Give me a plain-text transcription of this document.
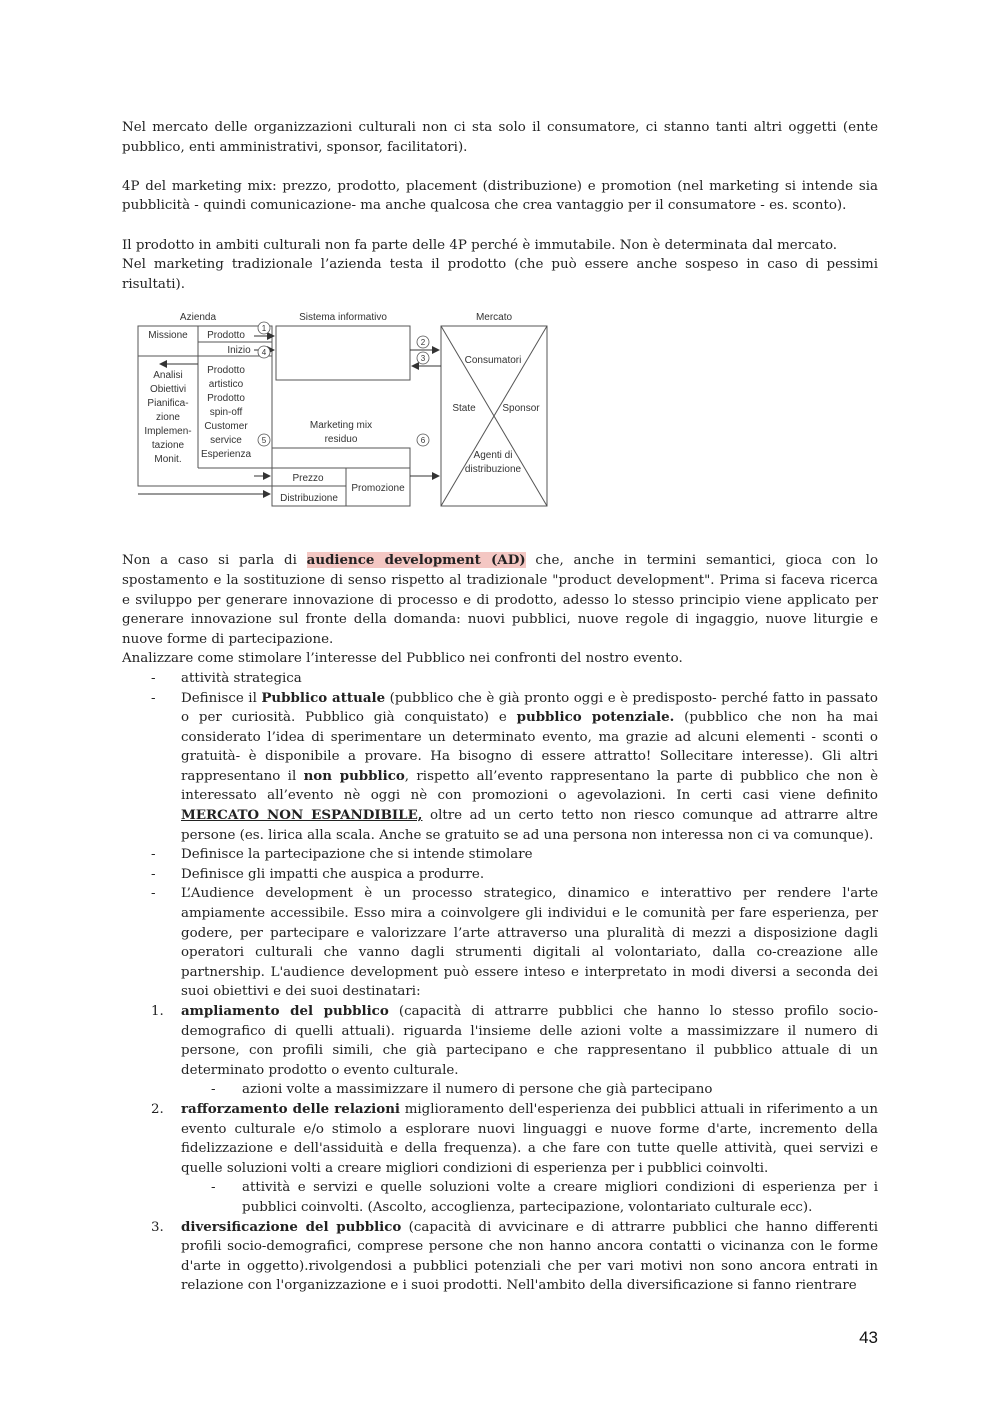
Nel mercato delle organizzazioni culturali non ci sta solo il consumatore, ci stanno tanti altri oggetti (ente pubblico, enti amministrativi, sponsor, facilitatori).

4P del marketing mix: prezzo, prodotto, placement (distribuzione) e promotion (nel marketing si intende sia pubblicità - quindi comunicazione- ma anche qualcosa che crea vantaggio per il consumatore - es. sconto).

Il prodotto in ambiti culturali non fa parte delle 4P perché è immutabile. Non è determinata dal mercato.

Nel marketing tradizionale l’azienda testa il prodotto (che può essere anche sospeso in caso di pessimi risultati).

1
2
3
4
5	6
Azienda	Sistema informativo	Mercato
Missione Prodotto
Inizio
Analisi
Obiettivi
Pianifica-
zione
Implemen-
tazione
Monit.
Prodotto
artistico
Prodotto
spin-off
Customer
service
Esperienza
Marketing mix
residuo
Prezzo
Promozione
Distribuzione
Consumatori
State	Sponsor
Agenti di
distribuzione

Non a caso si parla di audience development (AD) che, anche in termini semantici, gioca con lo spostamento e la sostituzione di senso rispetto al tradizionale "product development". Prima si faceva ricerca e sviluppo per generare innovazione di processo e di prodotto, adesso lo stesso principio viene applicato per generare innovazione sul fronte della domanda: nuovi pubblici, nuove regole di ingaggio, nuove liturgie e nuove forme di partecipazione.

Analizzare come stimolare l’interesse del Pubblico nei confronti del nostro evento.

- attività strategica
- Definisce il Pubblico attuale (pubblico che è già pronto oggi e è predisposto- perché fatto in passato o per curiosità. Pubblico già conquistato) e pubblico potenziale. (pubblico che non ha mai considerato l’idea di sperimentare un determinato evento, ma grazie ad alcuni elementi - sconti o gratuità- è disponibile a provare. Ha bisogno di essere attratto! Sollecitare interesse). Gli altri rappresentano il non pubblico, rispetto all’evento rappresentano la parte di pubblico che non è interessato all’evento nè oggi nè con promozioni o agevolazioni. In certi casi viene definito MERCATO NON ESPANDIBILE, oltre ad un certo tetto non riesco comunque ad attrarre altre persone (es. lirica alla scala. Anche se gratuito se ad una persona non interessa non ci va comunque).
- Definisce la partecipazione che si intende stimolare
- Definisce gli impatti che auspica a produrre.
- L’Audience development è un processo strategico, dinamico e interattivo per rendere l'arte ampiamente accessibile. Esso mira a coinvolgere gli individui e le comunità per fare esperienza, per godere, per partecipare e valorizzare l’arte attraverso una pluralità di mezzi a disposizione dagli operatori culturali che vanno dagli strumenti digitali al volontariato, dalla co-creazione alle partnership. L'audience development può essere inteso e interpretato in modi diversi a seconda dei suoi obiettivi e dei suoi destinatari:
1. ampliamento del pubblico (capacità di attrarre pubblici che hanno lo stesso profilo socio-demografico di quelli attuali). riguarda l'insieme delle azioni volte a massimizzare il numero di persone, con profili simili, che già partecipano e che rappresentano il pubblico attuale di un determinato prodotto o evento culturale.
- azioni volte a massimizzare il numero di persone che già partecipano
2. rafforzamento delle relazioni miglioramento dell'esperienza dei pubblici attuali in riferimento a un evento culturale e/o stimolo a esplorare nuovi linguaggi e nuove forme d'arte, incremento della fidelizzazione e dell'assiduità e della frequenza). a che fare con tutte quelle attività, quei servizi e quelle soluzioni volti a creare migliori condizioni di esperienza per i pubblici coinvolti.
- attività e servizi e quelle soluzioni volte a creare migliori condizioni di esperienza per i pubblici coinvolti. (Ascolto, accoglienza, partecipazione, volontariato culturale ecc).
3. diversificazione del pubblico (capacità di avvicinare e di attrarre pubblici che hanno differenti profili socio-demografici, comprese persone che non hanno ancora contatti o vicinanza con le forme d'arte in oggetto).rivolgendosi a pubblici potenziali che per vari motivi non sono ancora entrati in relazione con l'organizzazione e i suoi prodotti. Nell'ambito della diversificazione si fanno rientrare
43
